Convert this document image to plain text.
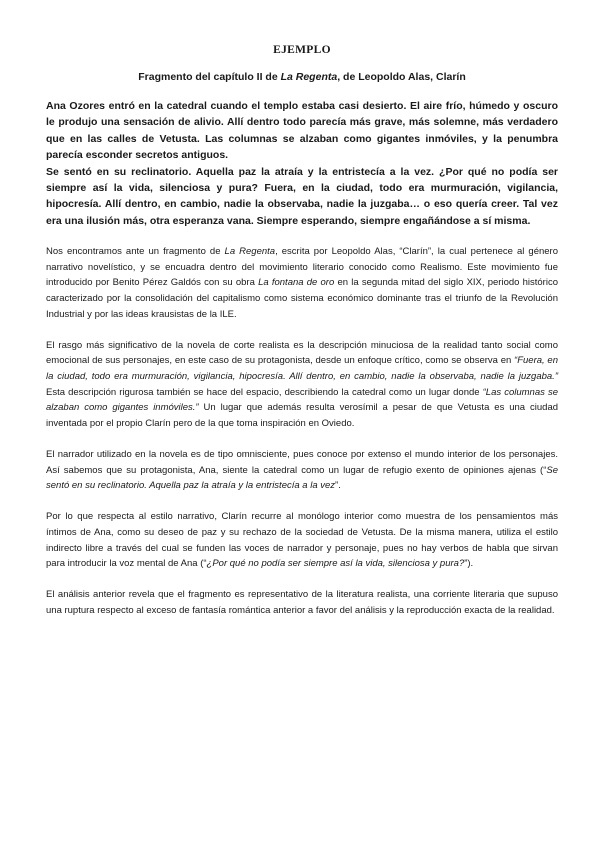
EJEMPLO
Fragmento del capítulo II de La Regenta, de Leopoldo Alas, Clarín

Ana Ozores entró en la catedral cuando el templo estaba casi desierto. El aire frío, húmedo y oscuro le produjo una sensación de alivio. Allí dentro todo parecía más grave, más solemne, más verdadero que en las calles de Vetusta. Las columnas se alzaban como gigantes inmóviles, y la penumbra parecía esconder secretos antiguos.

Se sentó en su reclinatorio. Aquella paz la atraía y la entristecía a la vez. ¿Por qué no podía ser siempre así la vida, silenciosa y pura? Fuera, en la ciudad, todo era murmuración, vigilancia, hipocresía. Allí dentro, en cambio, nadie la observaba, nadie la juzgaba… o eso quería creer. Tal vez era una ilusión más, otra esperanza vana. Siempre esperando, siempre engañándose a sí misma.

Nos encontramos ante un fragmento de La Regenta, escrita por Leopoldo Alas, “Clarín”, la cual pertenece al género narrativo novelístico, y se encuadra dentro del movimiento literario conocido como Realismo. Este movimiento fue introducido por Benito Pérez Galdós con su obra La fontana de oro en la segunda mitad del siglo XIX, periodo histórico caracterizado por la consolidación del capitalismo como sistema económico dominante tras el triunfo de la Revolución Industrial y por las ideas krausistas de la ILE.

El rasgo más significativo de la novela de corte realista es la descripción minuciosa de la realidad tanto social como emocional de sus personajes, en este caso de su protagonista, desde un enfoque crítico, como se observa en “Fuera, en la ciudad, todo era murmuración, vigilancia, hipocresía. Allí dentro, en cambio, nadie la observaba, nadie la juzgaba.” Esta descripción rigurosa también se hace del espacio, describiendo la catedral como un lugar donde “Las columnas se alzaban como gigantes inmóviles.” Un lugar que además resulta verosímil a pesar de que Vetusta es una ciudad inventada por el propio Clarín pero de la que toma inspiración en Oviedo.

El narrador utilizado en la novela es de tipo omnisciente, pues conoce por extenso el mundo interior de los personajes. Así sabemos que su protagonista, Ana, siente la catedral como un lugar de refugio exento de opiniones ajenas (“Se sentó en su reclinatorio. Aquella paz la atraía y la entristecía a la vez”.

Por lo que respecta al estilo narrativo, Clarín recurre al monólogo interior como muestra de los pensamientos más íntimos de Ana, como su deseo de paz y su rechazo de la sociedad de Vetusta. De la misma manera, utiliza el estilo indirecto libre a través del cual se funden las voces de narrador y personaje, pues no hay verbos de habla que sirvan para introducir la voz mental de Ana (“¿Por qué no podía ser siempre así la vida, silenciosa y pura?”).

El análisis anterior revela que el fragmento es representativo de la literatura realista, una corriente literaria que supuso una ruptura respecto al exceso de fantasía romántica anterior a favor del análisis y la reproducción exacta de la realidad.
